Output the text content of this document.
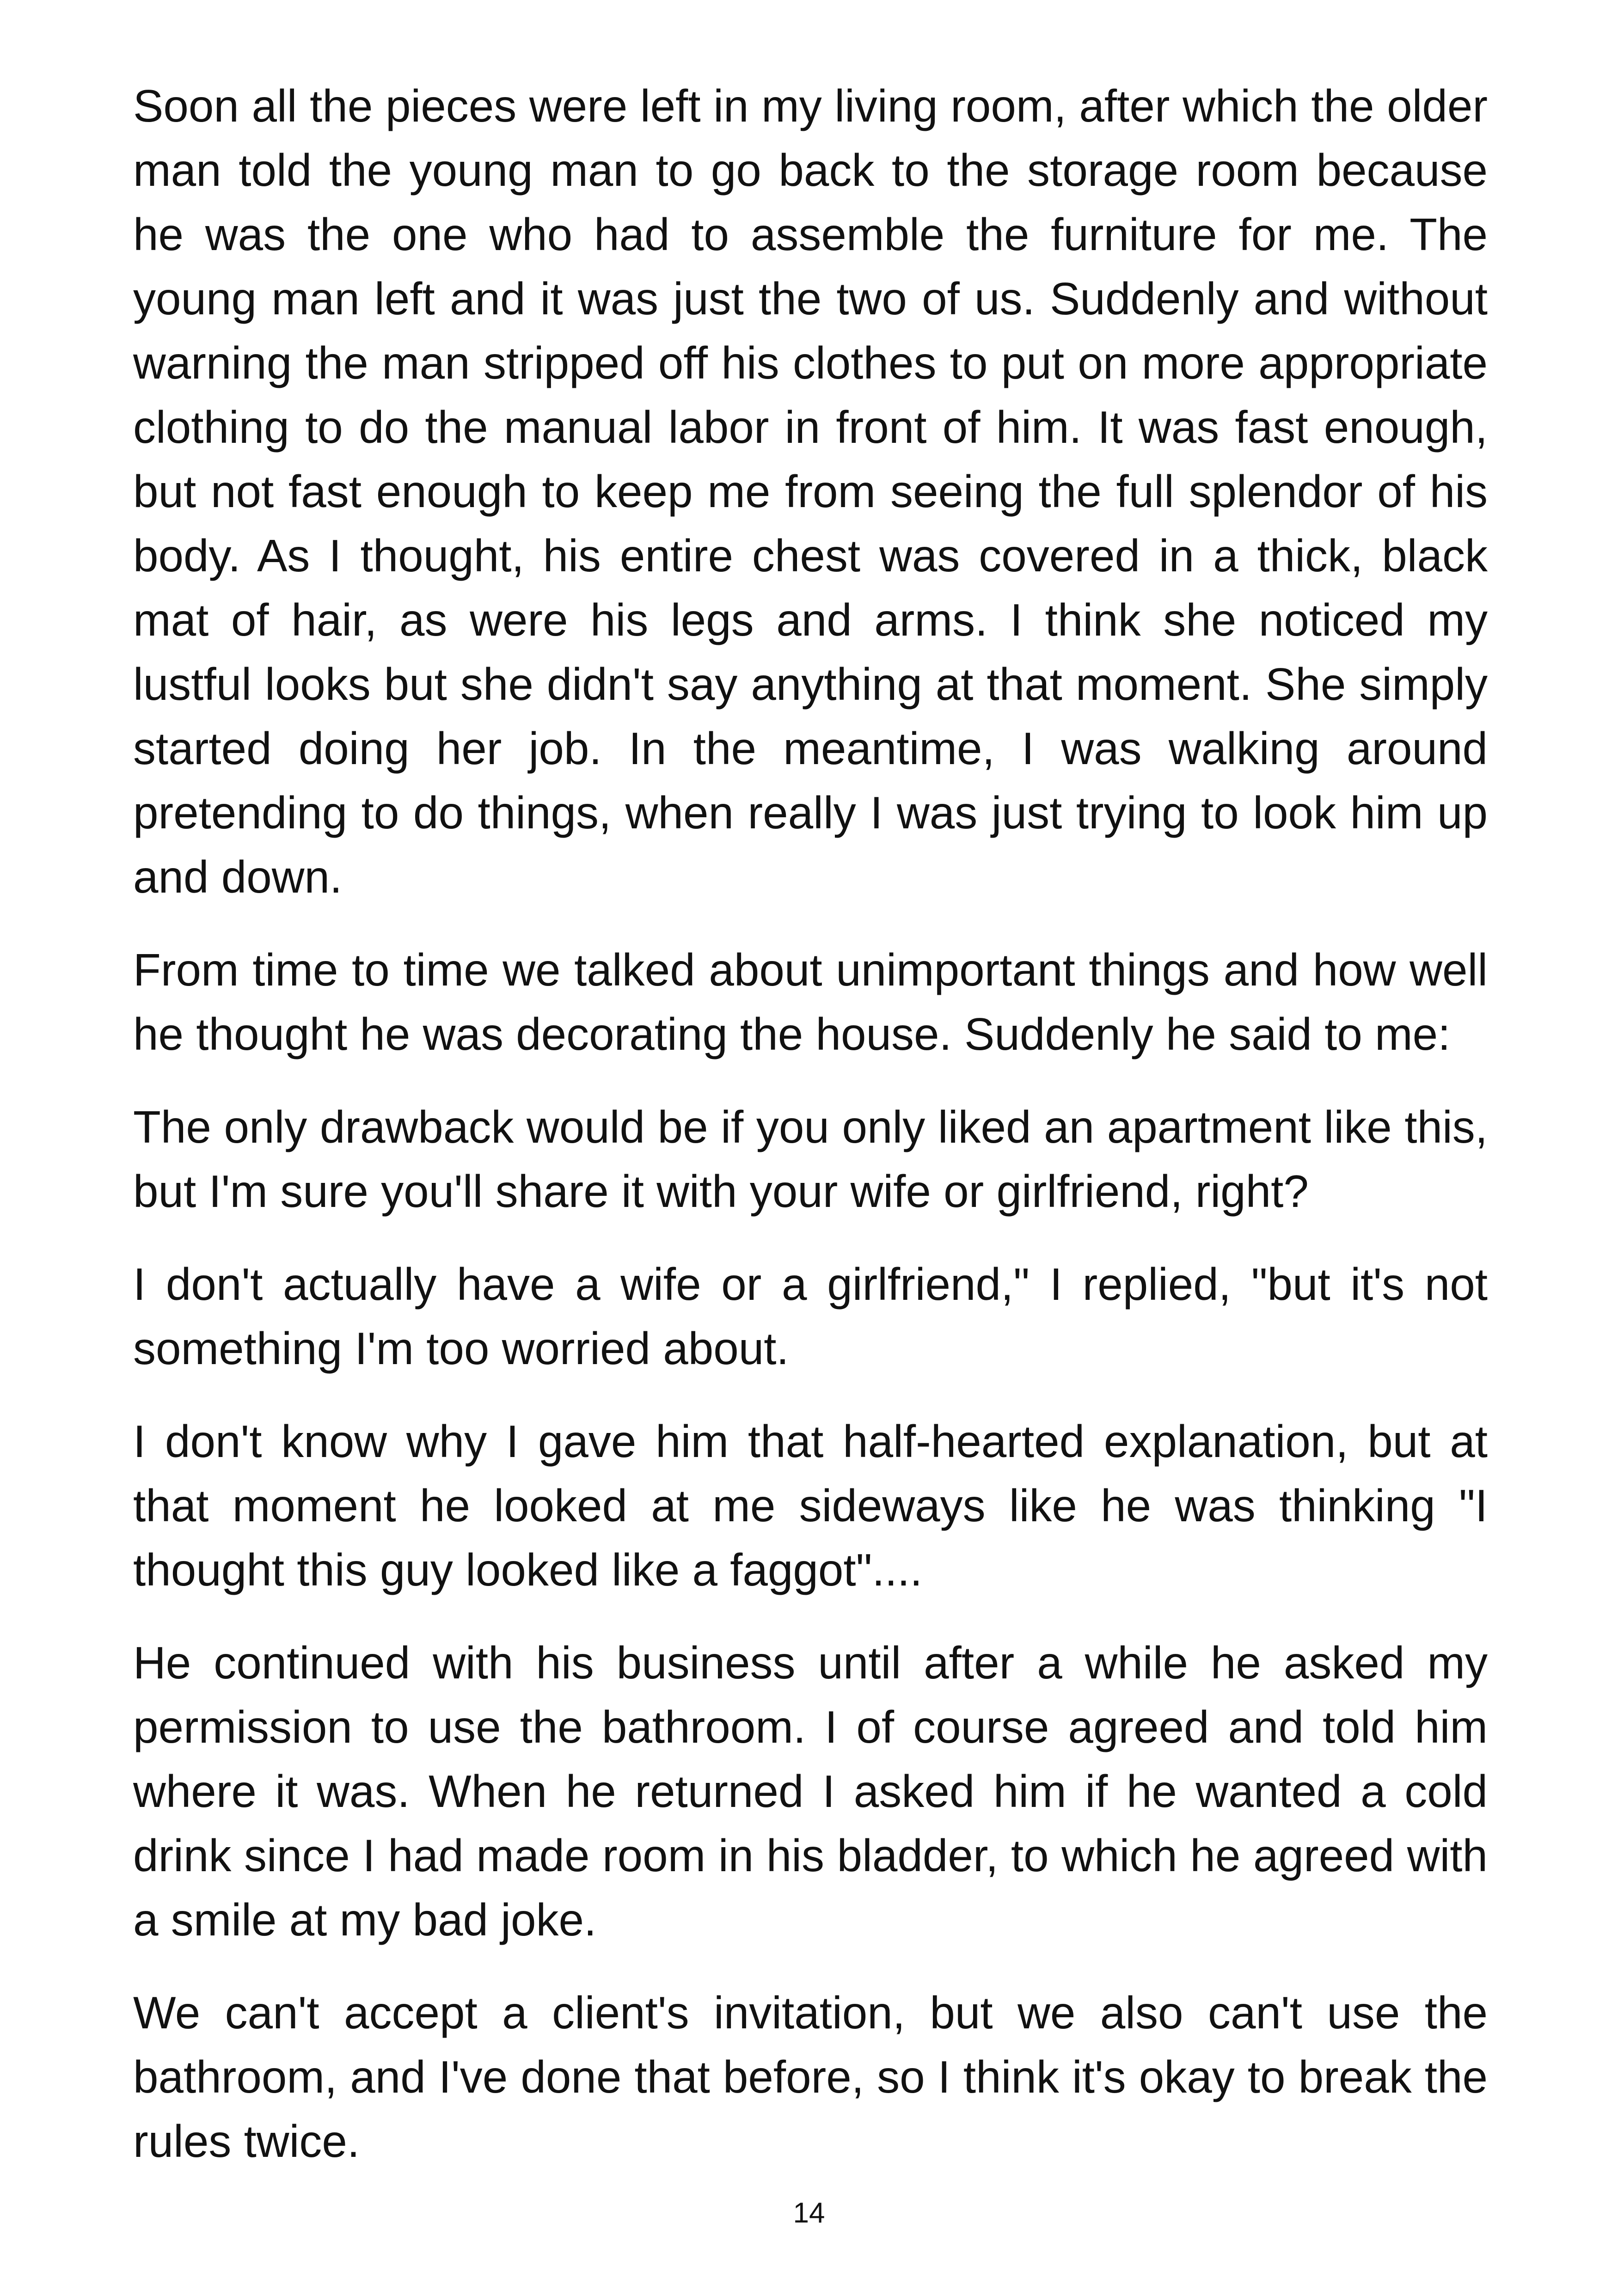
Soon all the pieces were left in my living room, after which the older man told the young man to go back to the storage room because he was the one who had to assemble the furniture for me. The young man left and it was just the two of us. Suddenly and without warning the man stripped off his clothes to put on more appropriate clothing to do the manual labor in front of him. It was fast enough, but not fast enough to keep me from seeing the full splendor of his body. As I thought, his entire chest was covered in a thick, black mat of hair, as were his legs and arms. I think she noticed my lustful looks but she didn't say anything at that moment. She simply started doing her job. In the meantime, I was walking around pretending to do things, when really I was just trying to look him up and down.

From time to time we talked about unimportant things and how well he thought he was decorating the house. Suddenly he said to me:

The only drawback would be if you only liked an apartment like this, but I'm sure you'll share it with your wife or girlfriend, right?

I don't actually have a wife or a girlfriend," I replied, "but it's not something I'm too worried about.

I don't know why I gave him that half-hearted explanation, but at that moment he looked at me sideways like he was thinking "I thought this guy looked like a faggot"....

He continued with his business until after a while he asked my permission to use the bathroom. I of course agreed and told him where it was. When he returned I asked him if he wanted a cold drink since I had made room in his bladder, to which he agreed with a smile at my bad joke.

We can't accept a client's invitation, but we also can't use the bathroom, and I've done that before, so I think it's okay to break the rules twice.

14
